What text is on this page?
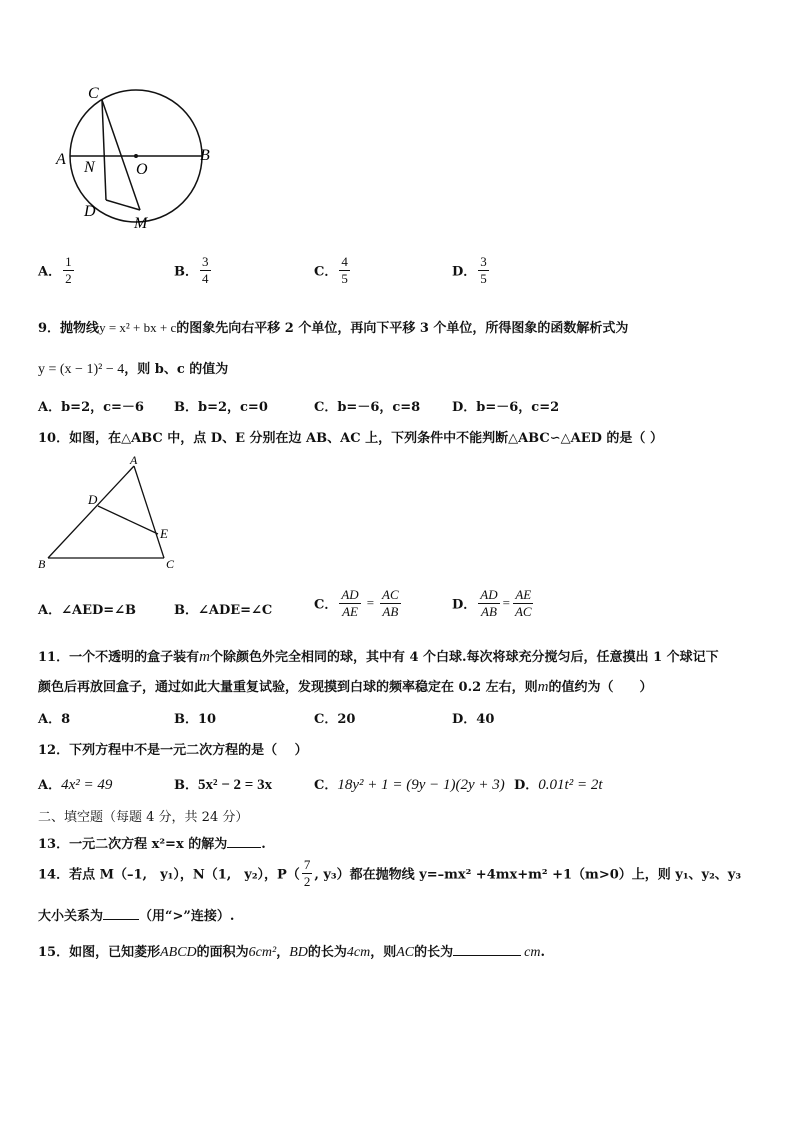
C
A N	O
B
D
M
A． $\frac{1}{2}$	B． $\frac{3}{4}$	C． $\frac{4}{5}$	D． $\frac{3}{5}$
9．抛物线y = x² + bx + c的图象先向右平移 2 个单位，再向下平移 3 个单位，所得图象的函数解析式为
y = (x − 1)² − 4，则 b、c 的值为
A．b=2，c=－6 B．b=2，c=0	C．b=－6，c=8 D．b=－6，c=2
10．如图，在△ABC 中，点 D、E 分别在边 AB、AC 上，下列条件中不能判断△ABC∽△AED 的是（ ）
A
D
E
B	C
A．∠AED=∠B	B．∠ADE=∠C	C． $\frac{AD}{AE} = \frac{AC}{AB}$	D． $\frac{AD}{AB} = \frac{AE}{AC}$
11．一个不透明的盒子装有m个除颜色外完全相同的球，其中有 4 个白球.每次将球充分搅匀后，任意摸出 1 个球记下
颜色后再放回盒子，通过如此大量重复试验，发现摸到白球的频率稳定在 0.2 左右，则m的值约为（　　）
A．8	B．10	C．20	D．40
12．下列方程中不是一元二次方程的是（　 ）
A．4x² = 49	B．5x² − 2 = 3x	C．18y² + 1 = (9y − 1)(2y + 3) D．0.01t² = 2t
二、填空题（每题 4 分，共 24 分）
13．一元二次方程 x²=x 的解为	.
14．若点 M（–1,　y₁），N（1,　y₂），$P( \frac{7}{2}$ , y₃）都在抛物线 y=–mx² +4mx+m² +1（m>0）上，则 y₁、y₂、y₃
大小关系为	（用“>”连接）.
15．如图，已知菱形ABCD的面积为6cm²，BD的长为4cm，则AC的长为	cm.
